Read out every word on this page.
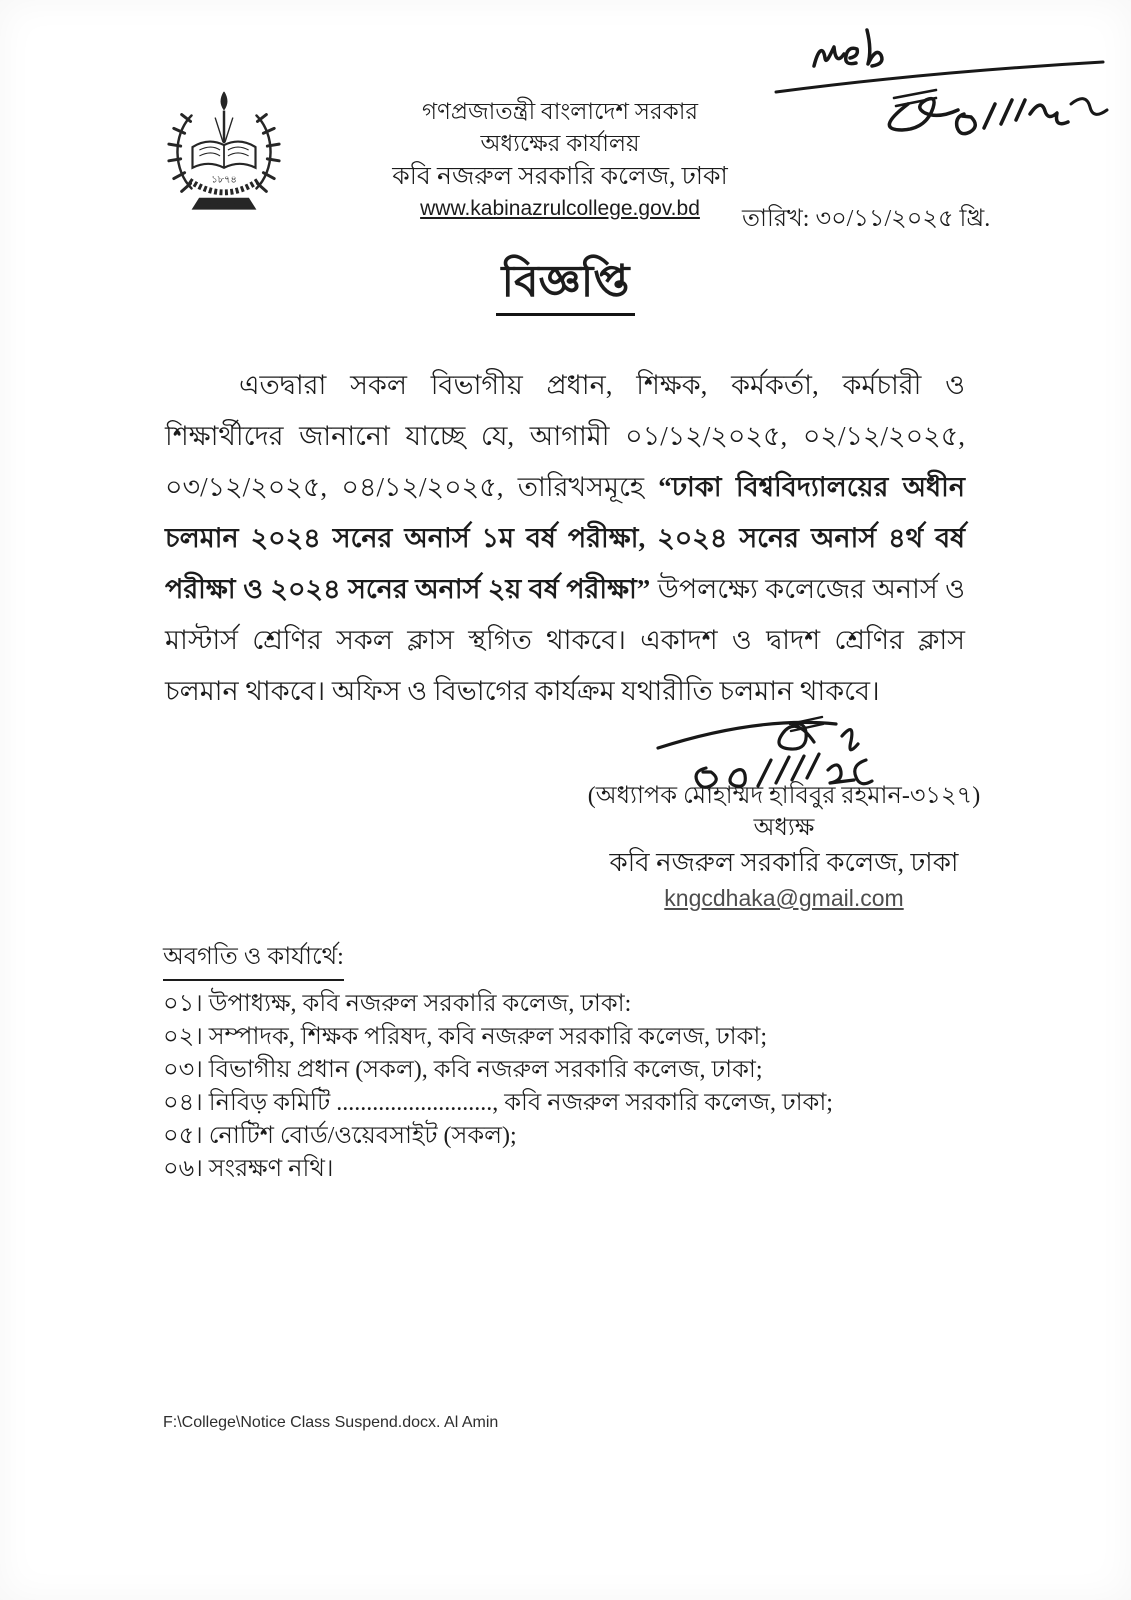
১৮৭৪
গণপ্রজাতন্ত্রী বাংলাদেশ সরকার
অধ্যক্ষের কার্যালয়
কবি নজরুল সরকারি কলেজ, ঢাকা
www.kabinazrulcollege.gov.bd	তারিখ: ৩০/১১/২০২৫ খ্রি.
বিজ্ঞপ্তি

এতদ্বারা সকল বিভাগীয় প্রধান, শিক্ষক, কর্মকর্তা, কর্মচারী ও শিক্ষার্থীদের জানানো যাচ্ছে যে, আগামী ০১/১২/২০২৫, ০২/১২/২০২৫, ০৩/১২/২০২৫, ০৪/১২/২০২৫, তারিখসমূহে “ঢাকা বিশ্ববিদ্যালয়ের অধীন চলমান ২০২৪ সনের অনার্স ১ম বর্ষ পরীক্ষা, ২০২৪ সনের অনার্স ৪র্থ বর্ষ পরীক্ষা ও ২০২৪ সনের অনার্স ২য় বর্ষ পরীক্ষা” উপলক্ষ্যে কলেজের অনার্স ও মাস্টার্স শ্রেণির সকল ক্লাস স্থগিত থাকবে। একাদশ ও দ্বাদশ শ্রেণির ক্লাস চলমান থাকবে। অফিস ও বিভাগের কার্যক্রম যথারীতি চলমান থাকবে।

(অধ্যাপক মোহাম্মদ হাবিবুর রহমান-৩১২৭)
অধ্যক্ষ
কবি নজরুল সরকারি কলেজ, ঢাকা
kngcdhaka@gmail.com
অবগতি ও কার্যার্থে:
০১। উপাধ্যক্ষ, কবি নজরুল সরকারি কলেজ, ঢাকা:
০২। সম্পাদক, শিক্ষক পরিষদ, কবি নজরুল সরকারি কলেজ, ঢাকা;
০৩। বিভাগীয় প্রধান (সকল), কবি নজরুল সরকারি কলেজ, ঢাকা;
০৪। নিবিড় কমিটি .........................., কবি নজরুল সরকারি কলেজ, ঢাকা;
০৫। নোটিশ বোর্ড/ওয়েবসাইট (সকল);
০৬। সংরক্ষণ নথি।
F:\College\Notice Class Suspend.docx. Al Amin
